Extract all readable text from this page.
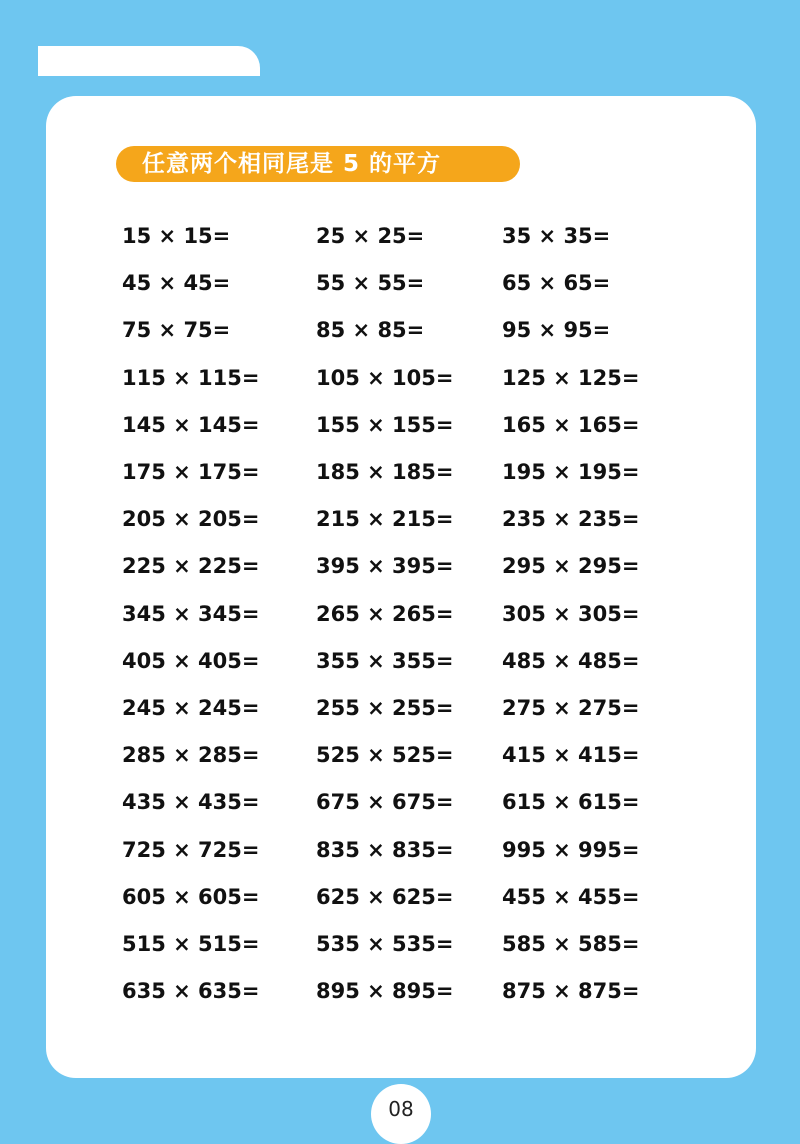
任意两个相同尾是 5 的平方
15 × 15=	25 × 25=	35 × 35=
45 × 45=	55 × 55=	65 × 65=
75 × 75=	85 × 85=	95 × 95=
115 × 115=	105 × 105= 125 × 125=
145 × 145=	155 × 155= 165 × 165=
175 × 175=	185 × 185= 195 × 195=
205 × 205=	215 × 215= 235 × 235=
225 × 225=	395 × 395= 295 × 295=
345 × 345=	265 × 265= 305 × 305=
405 × 405=	355 × 355= 485 × 485=
245 × 245=	255 × 255= 275 × 275=
285 × 285=	525 × 525= 415 × 415=
435 × 435=	675 × 675= 615 × 615=
725 × 725=	835 × 835= 995 × 995=
605 × 605=	625 × 625= 455 × 455=
515 × 515=	535 × 535= 585 × 585=
635 × 635=	895 × 895= 875 × 875=
08
